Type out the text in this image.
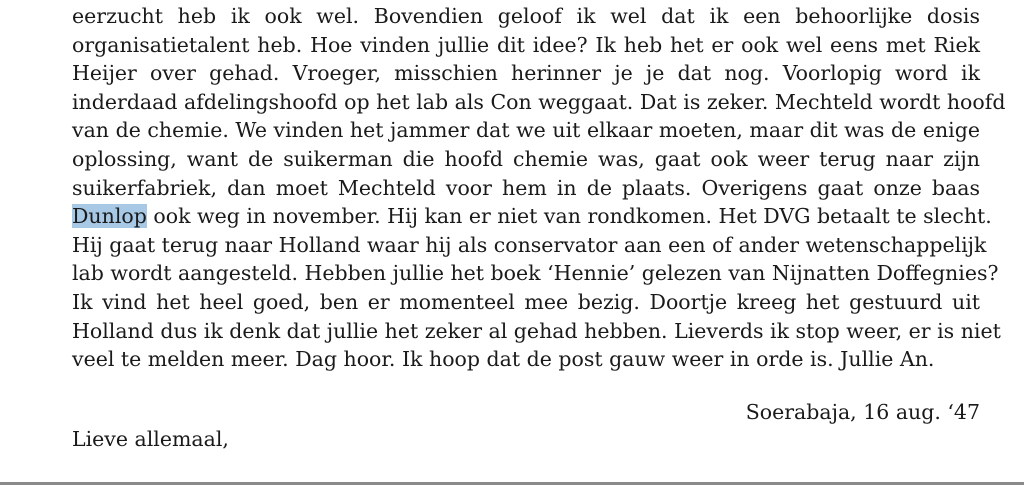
eerzucht heb ik ook wel. Bovendien geloof ik wel dat ik een behoorlijke dosis
organisatietalent heb. Hoe vinden jullie dit idee? Ik heb het er ook wel eens met Riek
Heijer over gehad. Vroeger, misschien herinner je je dat nog. Voorlopig word ik
inderdaad afdelingshoofd op het lab als Con weggaat. Dat is zeker. Mechteld wordt hoofd
van de chemie. We vinden het jammer dat we uit elkaar moeten, maar dit was de enige
oplossing, want de suikerman die hoofd chemie was, gaat ook weer terug naar zijn
suikerfabriek, dan moet Mechteld voor hem in de plaats. Overigens gaat onze baas
Dunlop ook weg in november. Hij kan er niet van rondkomen. Het DVG betaalt te slecht.
Hij gaat terug naar Holland waar hij als conservator aan een of ander wetenschappelijk
lab wordt aangesteld. Hebben jullie het boek ‘Hennie’ gelezen van Nijnatten Doffegnies?
Ik vind het heel goed, ben er momenteel mee bezig. Doortje kreeg het gestuurd uit
Holland dus ik denk dat jullie het zeker al gehad hebben. Lieverds ik stop weer, er is niet
veel te melden meer. Dag hoor. Ik hoop dat de post gauw weer in orde is. Jullie An.
Soerabaja, 16 aug. ‘47
Lieve allemaal,
